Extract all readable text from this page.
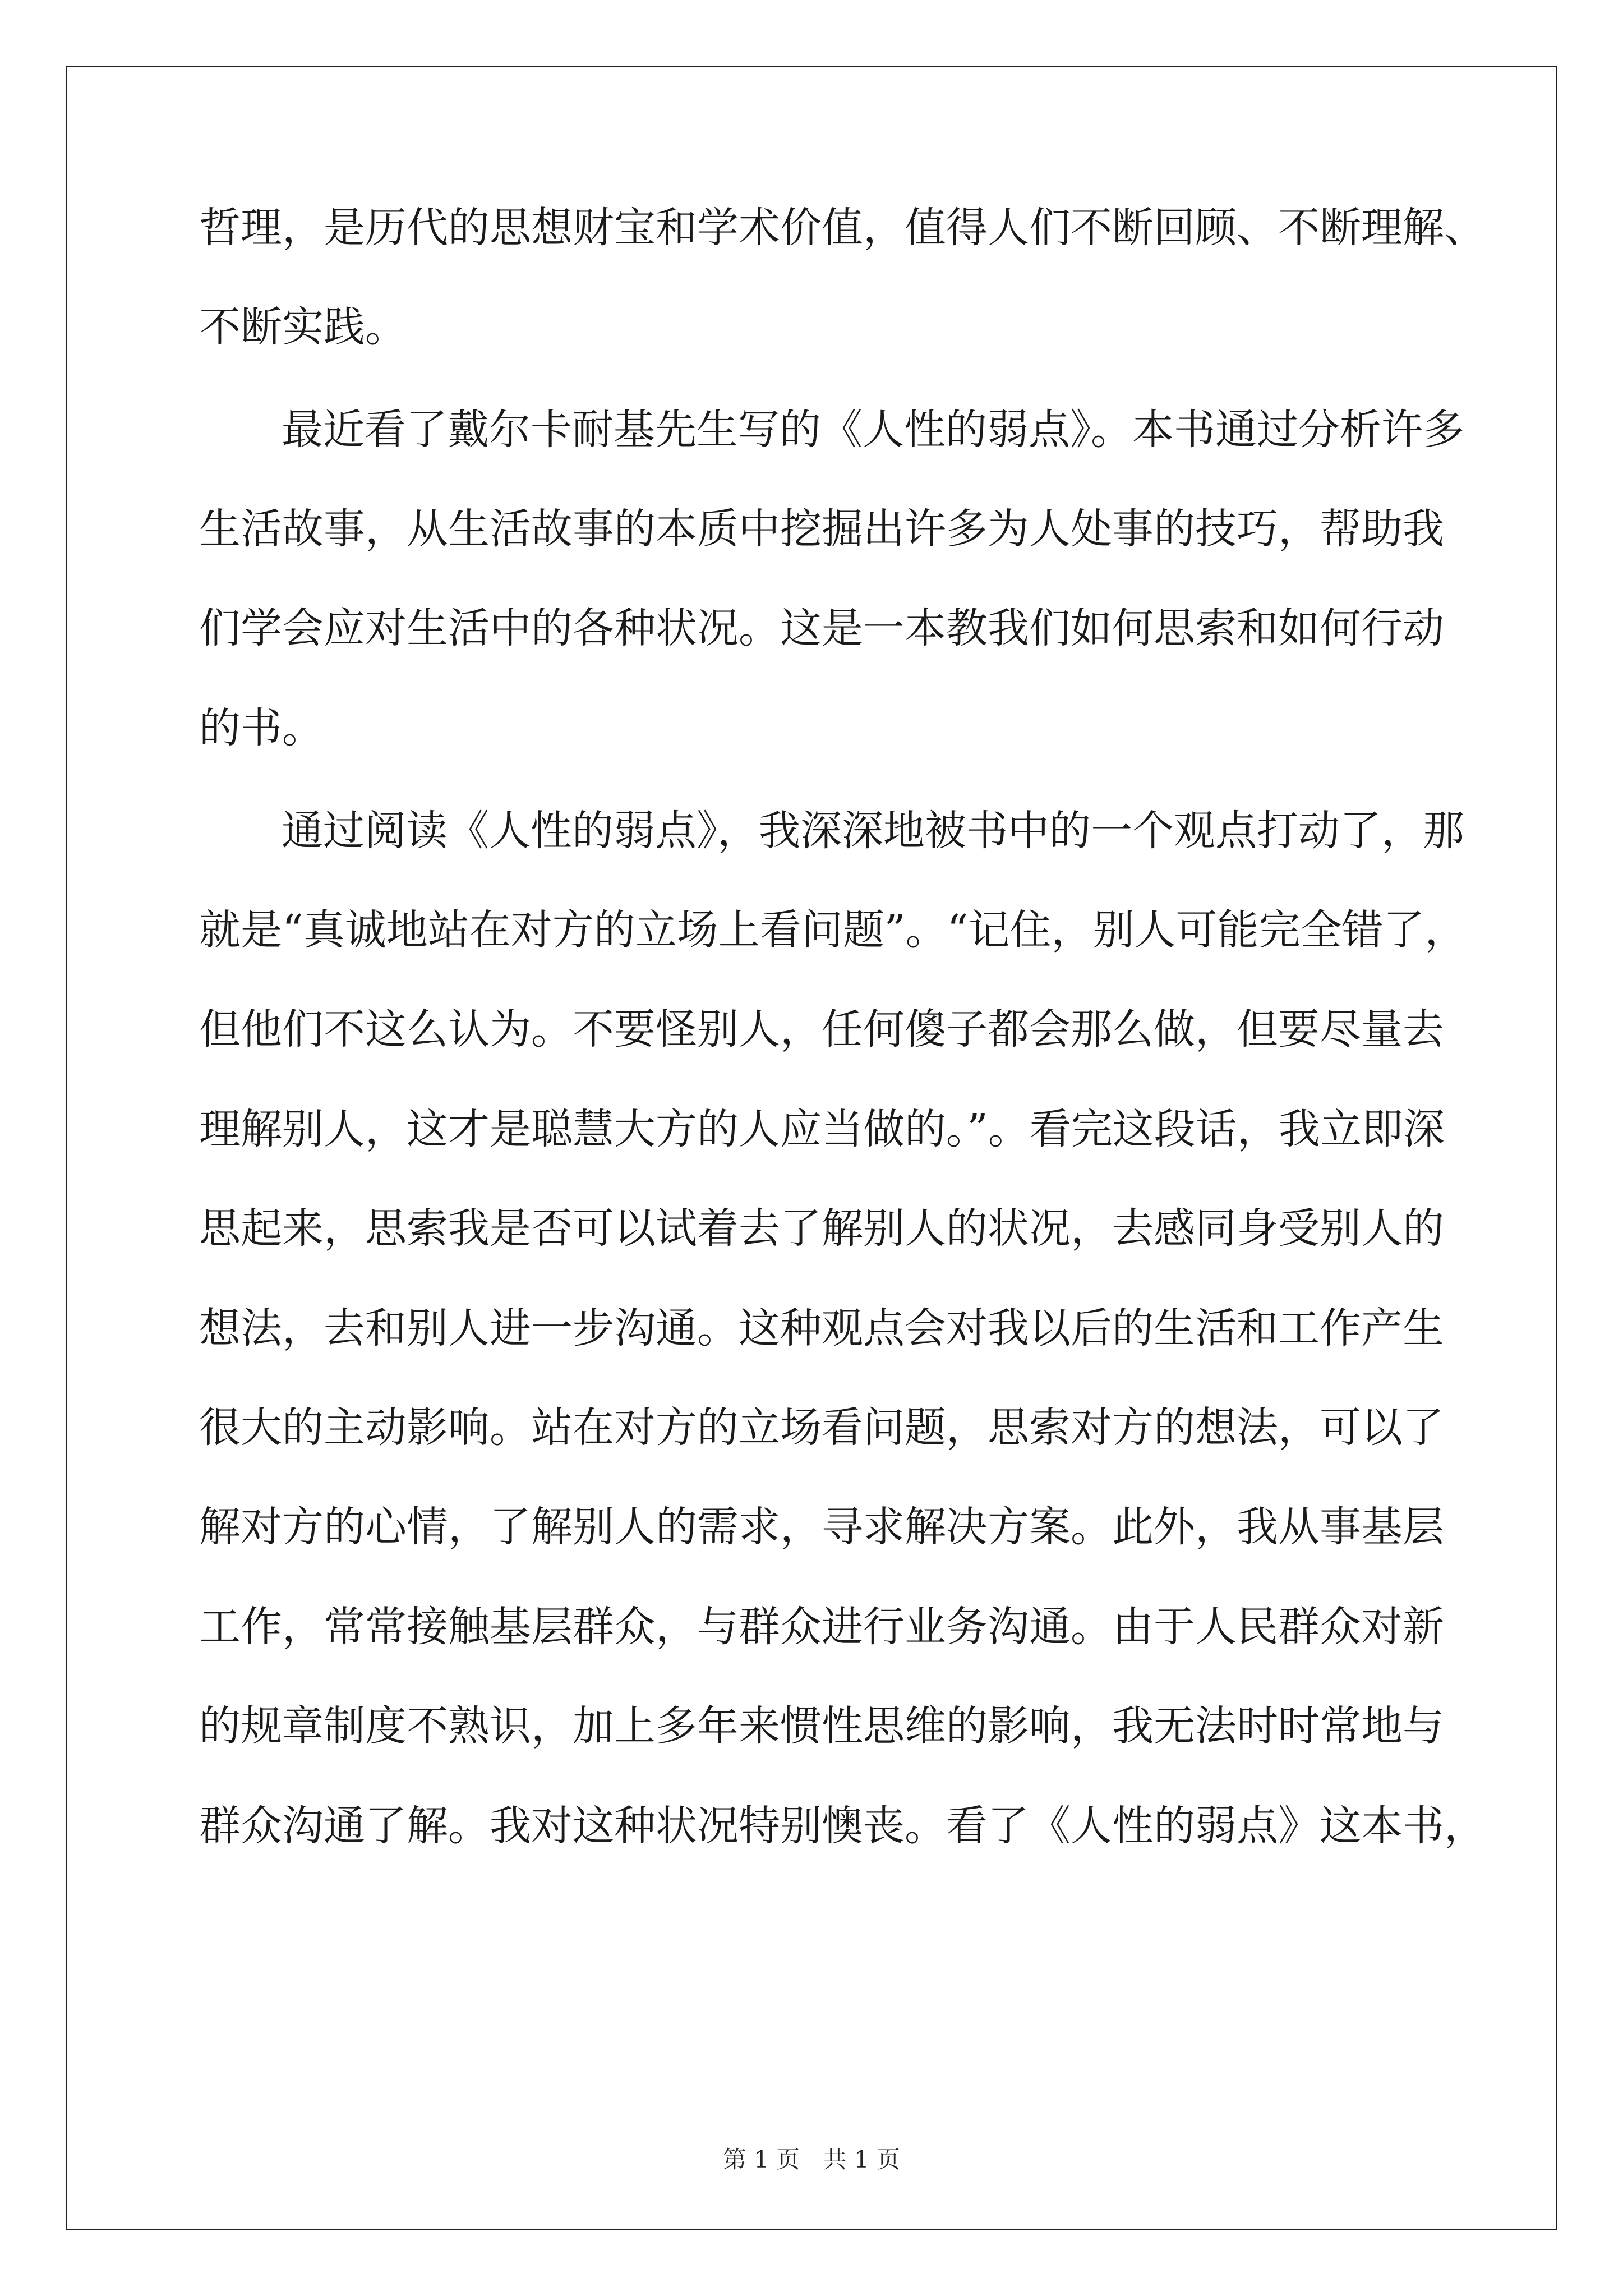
哲理，是历代的思想财宝和学术价值，值得人们不断回顾、不断理解、
不断实践。
最近看了戴尔卡耐基先生写的《人性的弱点》。本书通过分析许多
生活故事，从生活故事的本质中挖掘出许多为人处事的技巧，帮助我
们学会应对生活中的各种状况。这是一本教我们如何思索和如何行动
的书。
通过阅读《人性的弱点》，我深深地被书中的一个观点打动了，那
就是“真诚地站在对方的立场上看问题”。“记住，别人可能完全错了，
但他们不这么认为。不要怪别人，任何傻子都会那么做，但要尽量去
理解别人，这才是聪慧大方的人应当做的。”。看完这段话，我立即深
思起来，思索我是否可以试着去了解别人的状况，去感同身受别人的
想法，去和别人进一步沟通。这种观点会对我以后的生活和工作产生
很大的主动影响。站在对方的立场看问题，思索对方的想法，可以了
解对方的心情，了解别人的需求，寻求解决方案。此外，我从事基层
工作，常常接触基层群众，与群众进行业务沟通。由于人民群众对新
的规章制度不熟识，加上多年来惯性思维的影响，我无法时时常地与
群众沟通了解。我对这种状况特别懊丧。看了《人性的弱点》这本书，
第 1 页 共 1 页
